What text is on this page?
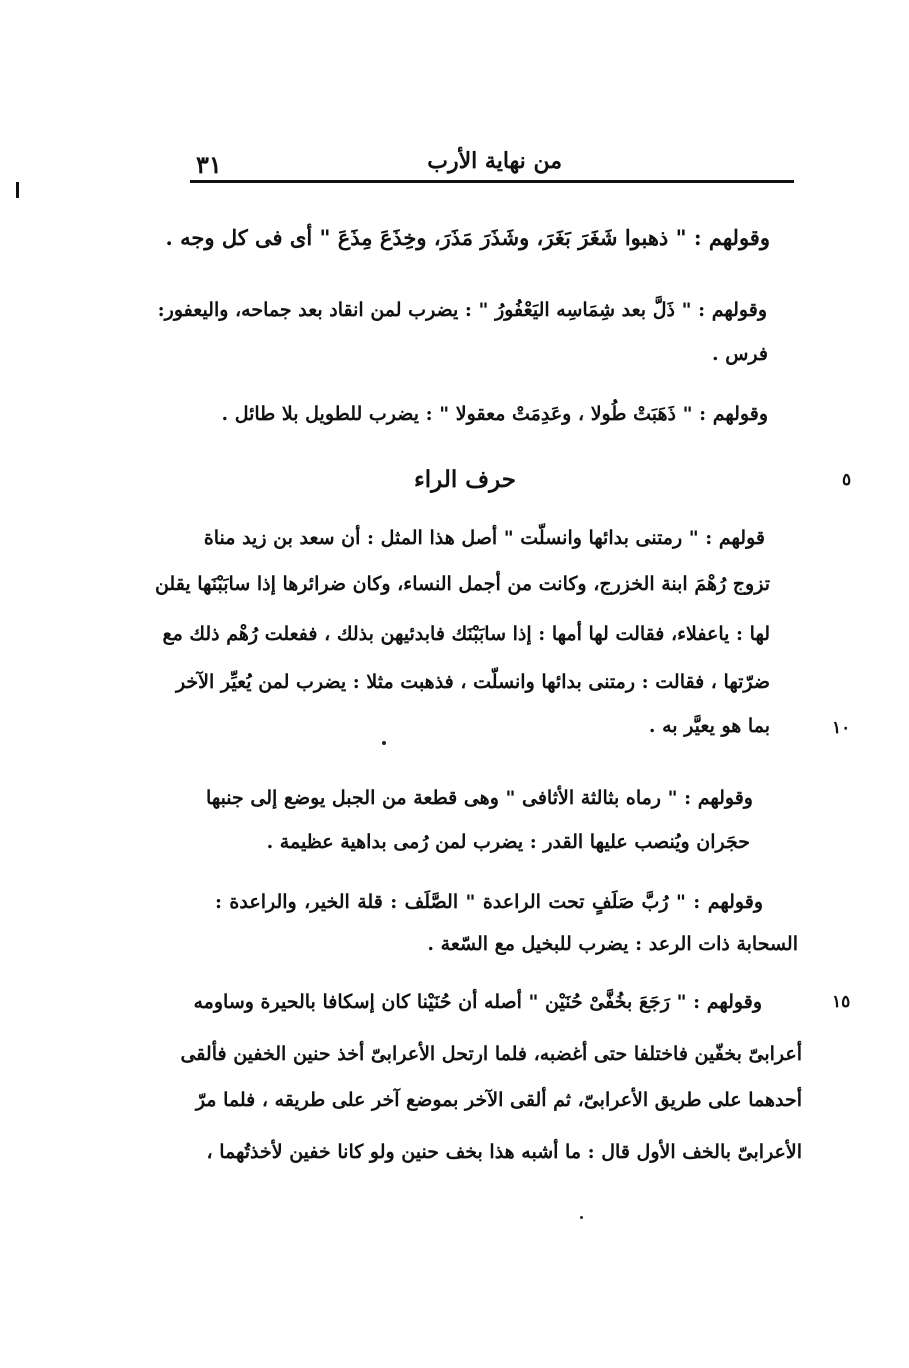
من نهاية الأرب
٣١
وقولهم : " ذهبوا شَغَرَ بَغَرَ، وشَذَرَ مَذَرَ، وخِذَعَ مِذَعَ " أى فى كل وجه .
وقولهم : " ذَلَّ بعد شِمَاسِه اليَعْفُورُ " : يضرب لمن انقاد بعد جماحه، واليعفور:
فرس .
وقولهم : " ذَهَبَتْ طُولا ، وعَدِمَتْ معقولا " : يضرب للطويل بلا طائل .
٥
حرف الراء
قولهم : " رمتنى بدائها وانسلّت " أصل هذا المثل : أن سعد بن زيد مناة
تزوج رُهْمَ ابنة الخزرج، وكانت من أجمل النساء، وكان ضرائرها إذا سابَبْنَها يقلن
لها : ياعفلاء، فقالت لها أمها : إذا سابَبْنَك فابدئيهن بذلك ، ففعلت رُهْم ذلك مع
ضرّتها ، فقالت : رمتنى بدائها وانسلّت ، فذهبت مثلا : يضرب لمن يُعيِّر الآخر
١٠
بما هو يعيَّر به .
وقولهم : " رماه بثالثة الأثافى " وهى قطعة من الجبل يوضع إلى جنبها
حجَران ويُنصب عليها القدر : يضرب لمن رُمى بداهية عظيمة .
وقولهم : " رُبَّ صَلَفٍ تحت الراعدة " الصَّلَف : قلة الخير، والراعدة :
السحابة ذات الرعد : يضرب للبخيل مع السّعة .
١٥
وقولهم : " رَجَعَ بخُفَّىْ حُنَيْن " أصله أن حُنَيْنا كان إسكافا بالحيرة وساومه
أعرابىّ بخفّين فاختلفا حتى أغضبه، فلما ارتحل الأعرابىّ أخذ حنين الخفين فألقى
أحدهما على طريق الأعرابىّ، ثم ألقى الآخر بموضع آخر على طريقه ، فلما مرّ
الأعرابىّ بالخف الأول قال : ما أشبه هذا بخف حنين ولو كانا خفين لأخذتُهما ،
